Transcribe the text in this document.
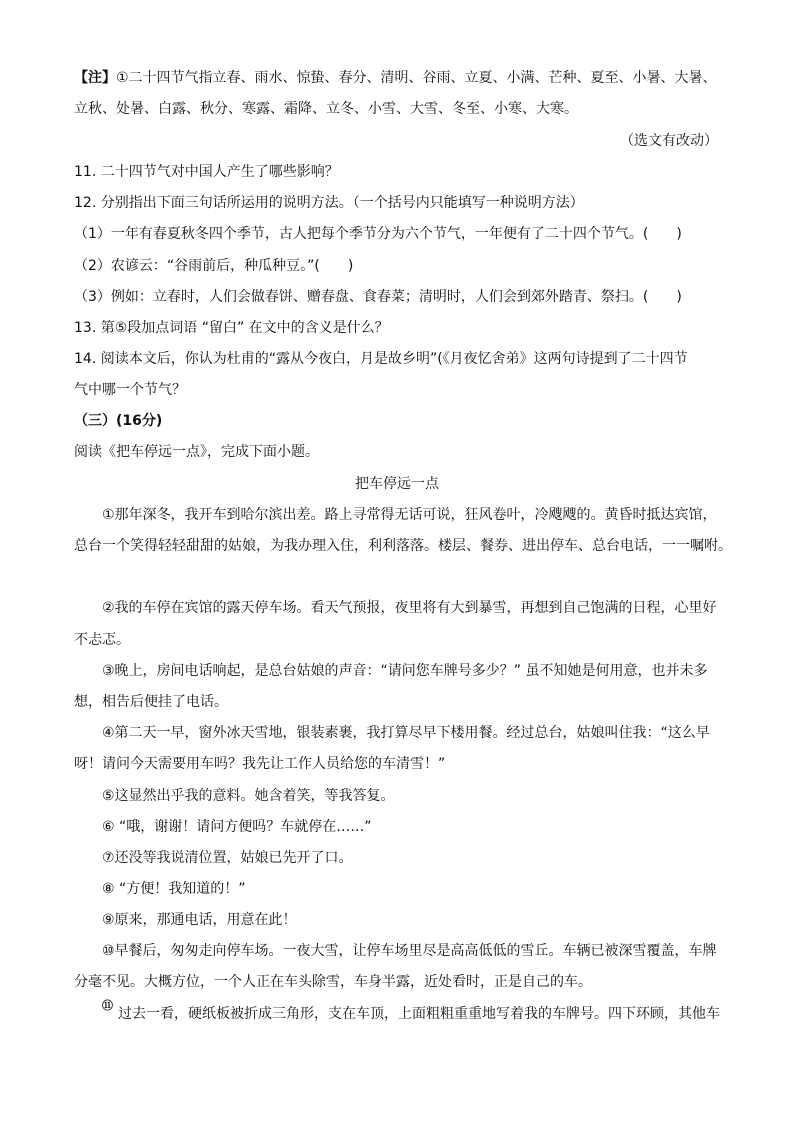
【注】①二十四节气指立春、雨水、惊蛰、春分、清明、谷雨、立夏、小满、芒种、夏至、小暑、大暑、
立秋、处暑、白露、秋分、寒露、霜降、立冬、小雪、大雪、冬至、小寒、大寒。
（选文有改动）
11. 二十四节气对中国人产生了哪些影响？
12. 分别指出下面三句话所运用的说明方法。（一个括号内只能填写一种说明方法）
（1）一年有春夏秋冬四个季节，古人把每个季节分为六个节气，一年便有了二十四个节气。(　　)
（2）农谚云：“谷雨前后，种瓜种豆。”(　　)
（3）例如：立春时，人们会做春饼、赠春盘、食春菜；清明时，人们会到郊外踏青、祭扫。(　　)
13. 第⑤段加点词语 “留白” 在文中的含义是什么？
14. 阅读本文后，你认为杜甫的“露从今夜白，月是故乡明”(《月夜忆舍弟》这两句诗提到了二十四节
气中哪一个节气？
（三）(16分)
阅读《把车停远一点》，完成下面小题。
把车停远一点
①那年深冬，我开车到哈尔滨出差。路上寻常得无话可说，狂风卷叶，冷飕飕的。黄昏时抵达宾馆，
总台一个笑得轻轻甜甜的姑娘，为我办理入住，利利落落。楼层、餐券、进出停车、总台电话，一一嘱咐。
②我的车停在宾馆的露天停车场。看天气预报，夜里将有大到暴雪，再想到自己饱满的日程，心里好
不忐忑。
③晚上，房间电话响起，是总台姑娘的声音：“请问您车牌号多少？” 虽不知她是何用意，也并未多
想，相告后便挂了电话。
④第二天一早，窗外冰天雪地，银装素裹，我打算尽早下楼用餐。经过总台，姑娘叫住我：“这么早
呀！请问今天需要用车吗？我先让工作人员给您的车清雪！”
⑤这显然出乎我的意料。她含着笑，等我答复。
⑥ “哦，谢谢！请问方便吗？车就停在……”
⑦还没等我说清位置，姑娘已先开了口。
⑧ “方便！我知道的！”
⑨原来，那通电话，用意在此！
⑩早餐后，匆匆走向停车场。一夜大雪，让停车场里尽是高高低低的雪丘。车辆已被深雪覆盖，车牌
分毫不见。大概方位，一个人正在车头除雪，车身半露，近处看时，正是自己的车。
⑪
过去一看，硬纸板被折成三角形，支在车顶，上面粗粗重重地写着我的车牌号。四下环顾，其他车
